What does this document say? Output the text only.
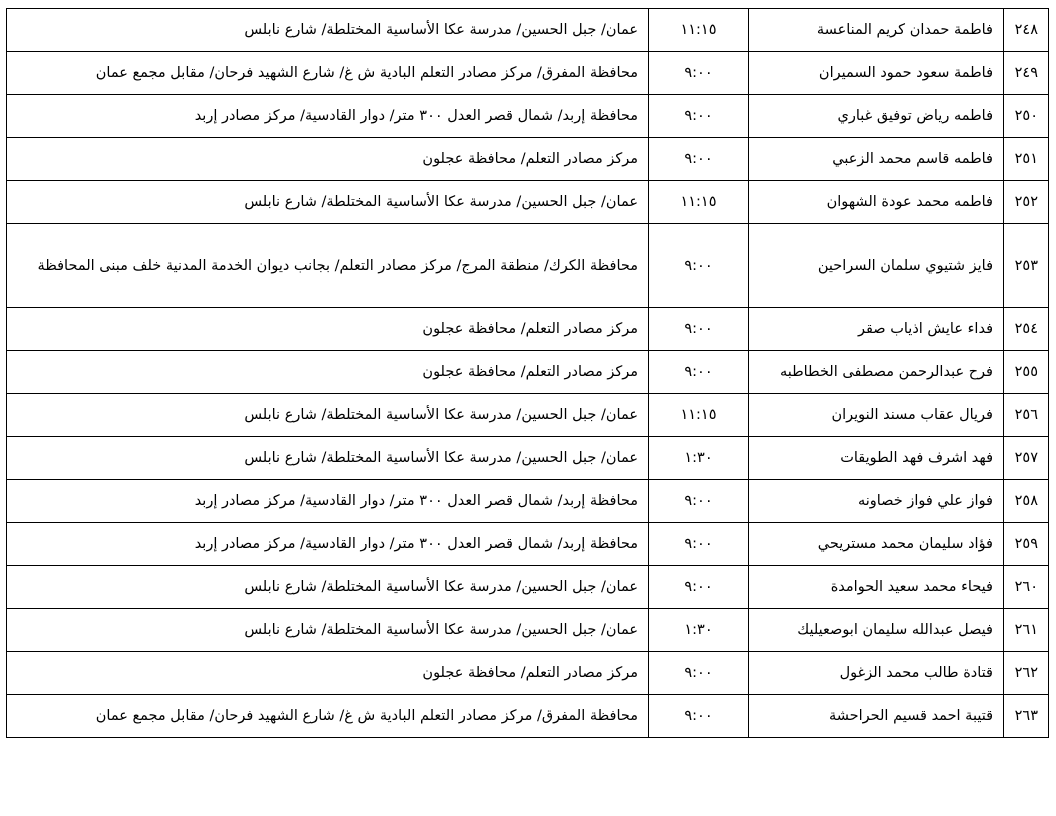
٢٤٨	فاطمة حمدان كريم المناعسة	١١:١٥	عمان/ جبل الحسين/ مدرسة عكا الأساسية المختلطة/ شارع نابلس
٢٤٩	فاطمة سعود حمود السميران	٩:٠٠	محافظة المفرق/ مركز مصادر التعلم البادية ش غ/ شارع الشهيد فرحان/ مقابل مجمع عمان
٢٥٠	فاطمه رياض توفيق غباري	٩:٠٠	محافظة إربد/ شمال قصر العدل ٣٠٠ متر/ دوار القادسية/ مركز مصادر إربد
٢٥١	فاطمه قاسم محمد الزعبي	٩:٠٠	مركز مصادر التعلم/ محافظة عجلون
٢٥٢	فاطمه محمد عودة الشهوان	١١:١٥	عمان/ جبل الحسين/ مدرسة عكا الأساسية المختلطة/ شارع نابلس
٢٥٣	فايز شتيوي سلمان السراحين	٩:٠٠	محافظة الكرك/ منطقة المرج/ مركز مصادر التعلم/ بجانب ديوان الخدمة المدنية خلف مبنى المحافظة
٢٥٤	فداء عايش اذياب صقر	٩:٠٠	مركز مصادر التعلم/ محافظة عجلون
٢٥٥	فرح عبدالرحمن مصطفى الخطاطبه	٩:٠٠	مركز مصادر التعلم/ محافظة عجلون
٢٥٦	فريال عقاب مسند النويران	١١:١٥	عمان/ جبل الحسين/ مدرسة عكا الأساسية المختلطة/ شارع نابلس
٢٥٧	فهد اشرف فهد الطويقات	١:٣٠	عمان/ جبل الحسين/ مدرسة عكا الأساسية المختلطة/ شارع نابلس
٢٥٨	فواز علي فواز خصاونه	٩:٠٠	محافظة إربد/ شمال قصر العدل ٣٠٠ متر/ دوار القادسية/ مركز مصادر إربد
٢٥٩	فؤاد سليمان محمد مستريحي	٩:٠٠	محافظة إربد/ شمال قصر العدل ٣٠٠ متر/ دوار القادسية/ مركز مصادر إربد
٢٦٠	فيحاء محمد سعيد الحوامدة	٩:٠٠	عمان/ جبل الحسين/ مدرسة عكا الأساسية المختلطة/ شارع نابلس
٢٦١	فيصل عبدالله سليمان ابوصعيليك	١:٣٠	عمان/ جبل الحسين/ مدرسة عكا الأساسية المختلطة/ شارع نابلس
٢٦٢	قتادة طالب محمد الزغول	٩:٠٠	مركز مصادر التعلم/ محافظة عجلون
٢٦٣	قتيبة احمد قسيم الحراحشة	٩:٠٠	محافظة المفرق/ مركز مصادر التعلم البادية ش غ/ شارع الشهيد فرحان/ مقابل مجمع عمان
